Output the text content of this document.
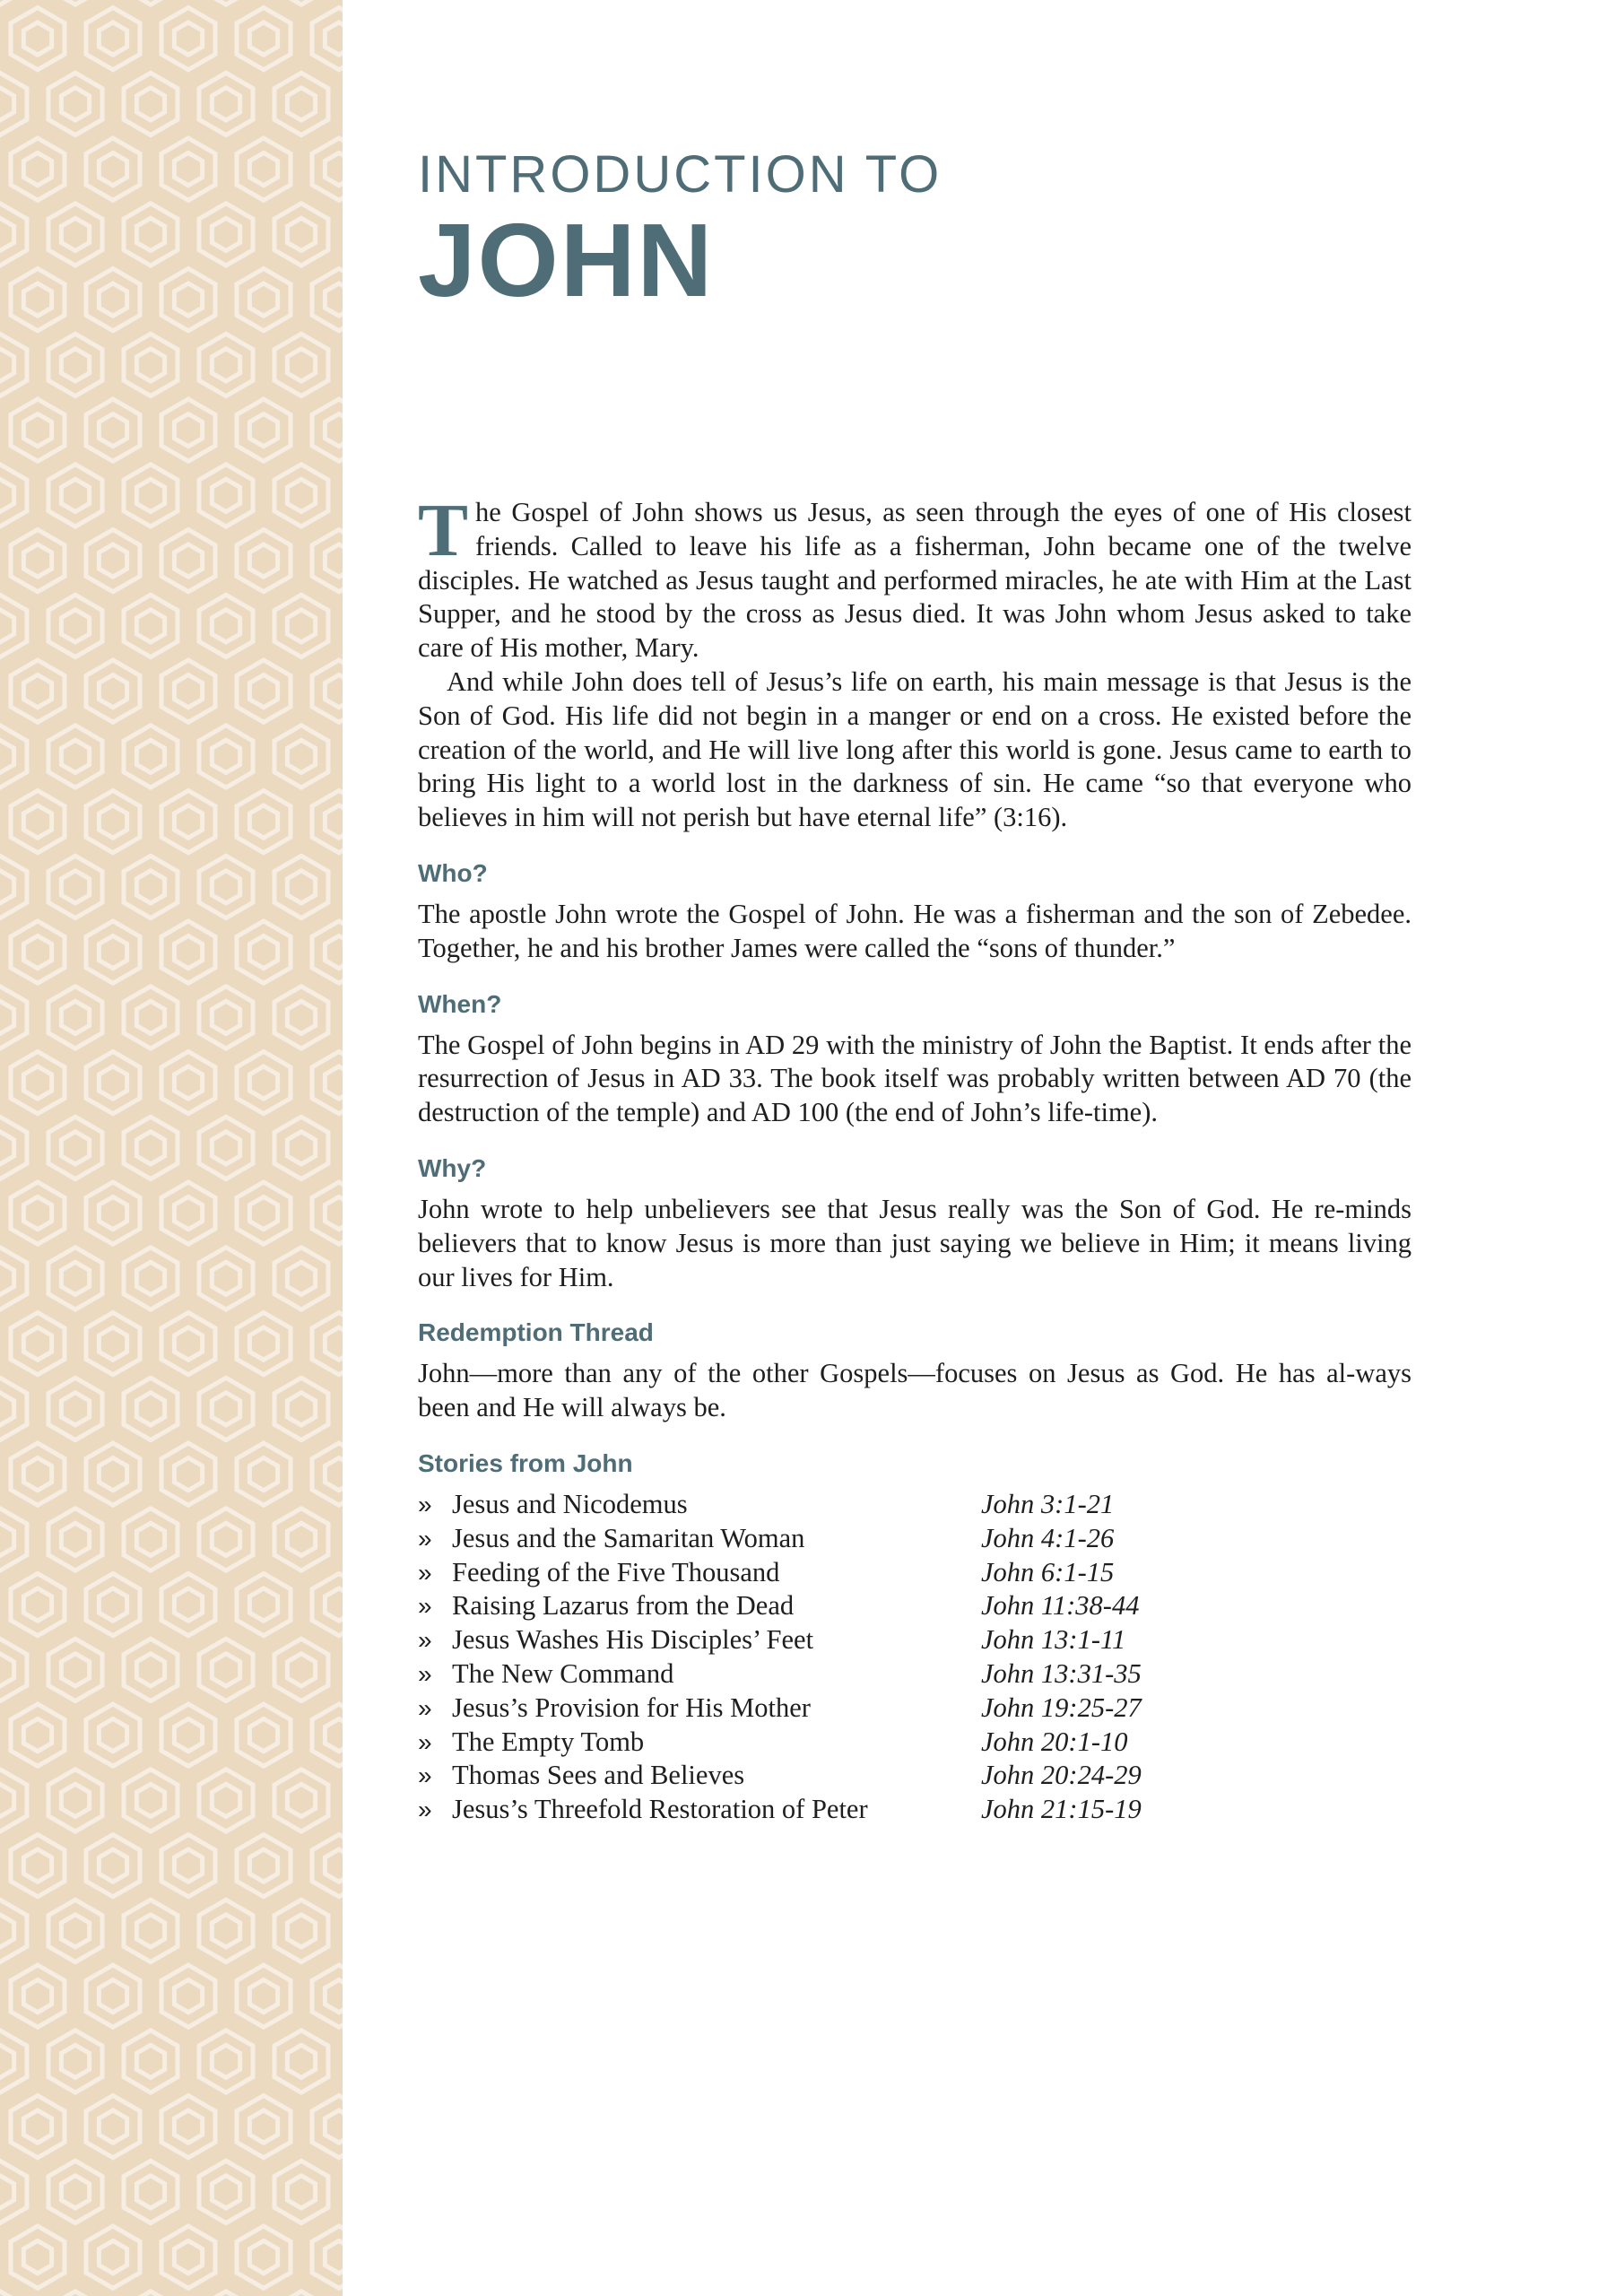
INTRODUCTION TO
JOHN

The Gospel of John shows us Jesus, as seen through the eyes of one of His closest friends. Called to leave his life as a fisherman, John became one of the twelve disciples. He watched as Jesus taught and performed miracles, he ate with Him at the Last Supper, and he stood by the cross as Jesus died. It was John whom Jesus asked to take care of His mother, Mary.

And while John does tell of Jesus’s life on earth, his main message is that Jesus is the Son of God. His life did not begin in a manger or end on a cross. He existed before the creation of the world, and He will live long after this world is gone. Jesus came to earth to bring His light to a world lost in the darkness of sin. He came “so that everyone who believes in him will not perish but have eternal life” (3:16).

Who?

The apostle John wrote the Gospel of John. He was a fisherman and the son of Zebedee. Together, he and his brother James were called the “sons of thunder.”

When?

The Gospel of John begins in AD 29 with the ministry of John the Baptist. It ends after the resurrection of Jesus in AD 33. The book itself was probably written between AD 70 (the destruction of the temple) and AD 100 (the end of John’s life-time).

Why?

John wrote to help unbelievers see that Jesus really was the Son of God. He re-minds believers that to know Jesus is more than just saying we believe in Him; it means living our lives for Him.

Redemption Thread

John—more than any of the other Gospels—focuses on Jesus as God. He has al-ways been and He will always be.

Stories from John
» Jesus and Nicodemus	John 3:1-21
» Jesus and the Samaritan Woman	John 4:1-26
» Feeding of the Five Thousand	John 6:1-15
» Raising Lazarus from the Dead	John 11:38-44
» Jesus Washes His Disciples’ Feet	John 13:1-11
» The New Command	John 13:31-35
» Jesus’s Provision for His Mother	John 19:25-27
» The Empty Tomb	John 20:1-10
» Thomas Sees and Believes	John 20:24-29
» Jesus’s Threefold Restoration of Peter	John 21:15-19
